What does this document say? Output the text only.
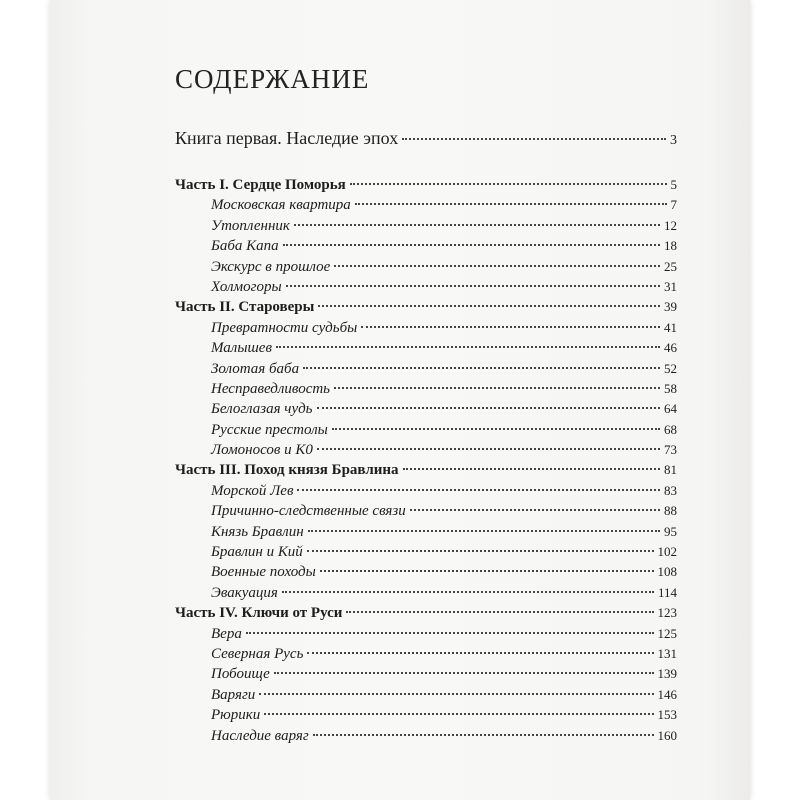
СОДЕРЖАНИЕ
Книга первая. Наследие эпох	3
Часть I. Сердце Поморья	5
Московская квартира	7
Утопленник	12
Баба Капа	18
Экскурс в прошлое	25
Холмогоры	31
Часть II. Староверы	39
Превратности судьбы	41
Малышев	46
Золотая баба	52
Несправедливость	58
Белоглазая чудь	64
Русские престолы	68
Ломоносов и К0	73
Часть III. Поход князя Бравлина	81
Морской Лев	83
Причинно-следственные связи	88
Князь Бравлин	95
Бравлин и Кий	102
Военные походы	108
Эвакуация	114
Часть IV. Ключи от Руси	123
Вера	125
Северная Русь	131
Побоище	139
Варяги	146
Рюрики	153
Наследие варяг	160
